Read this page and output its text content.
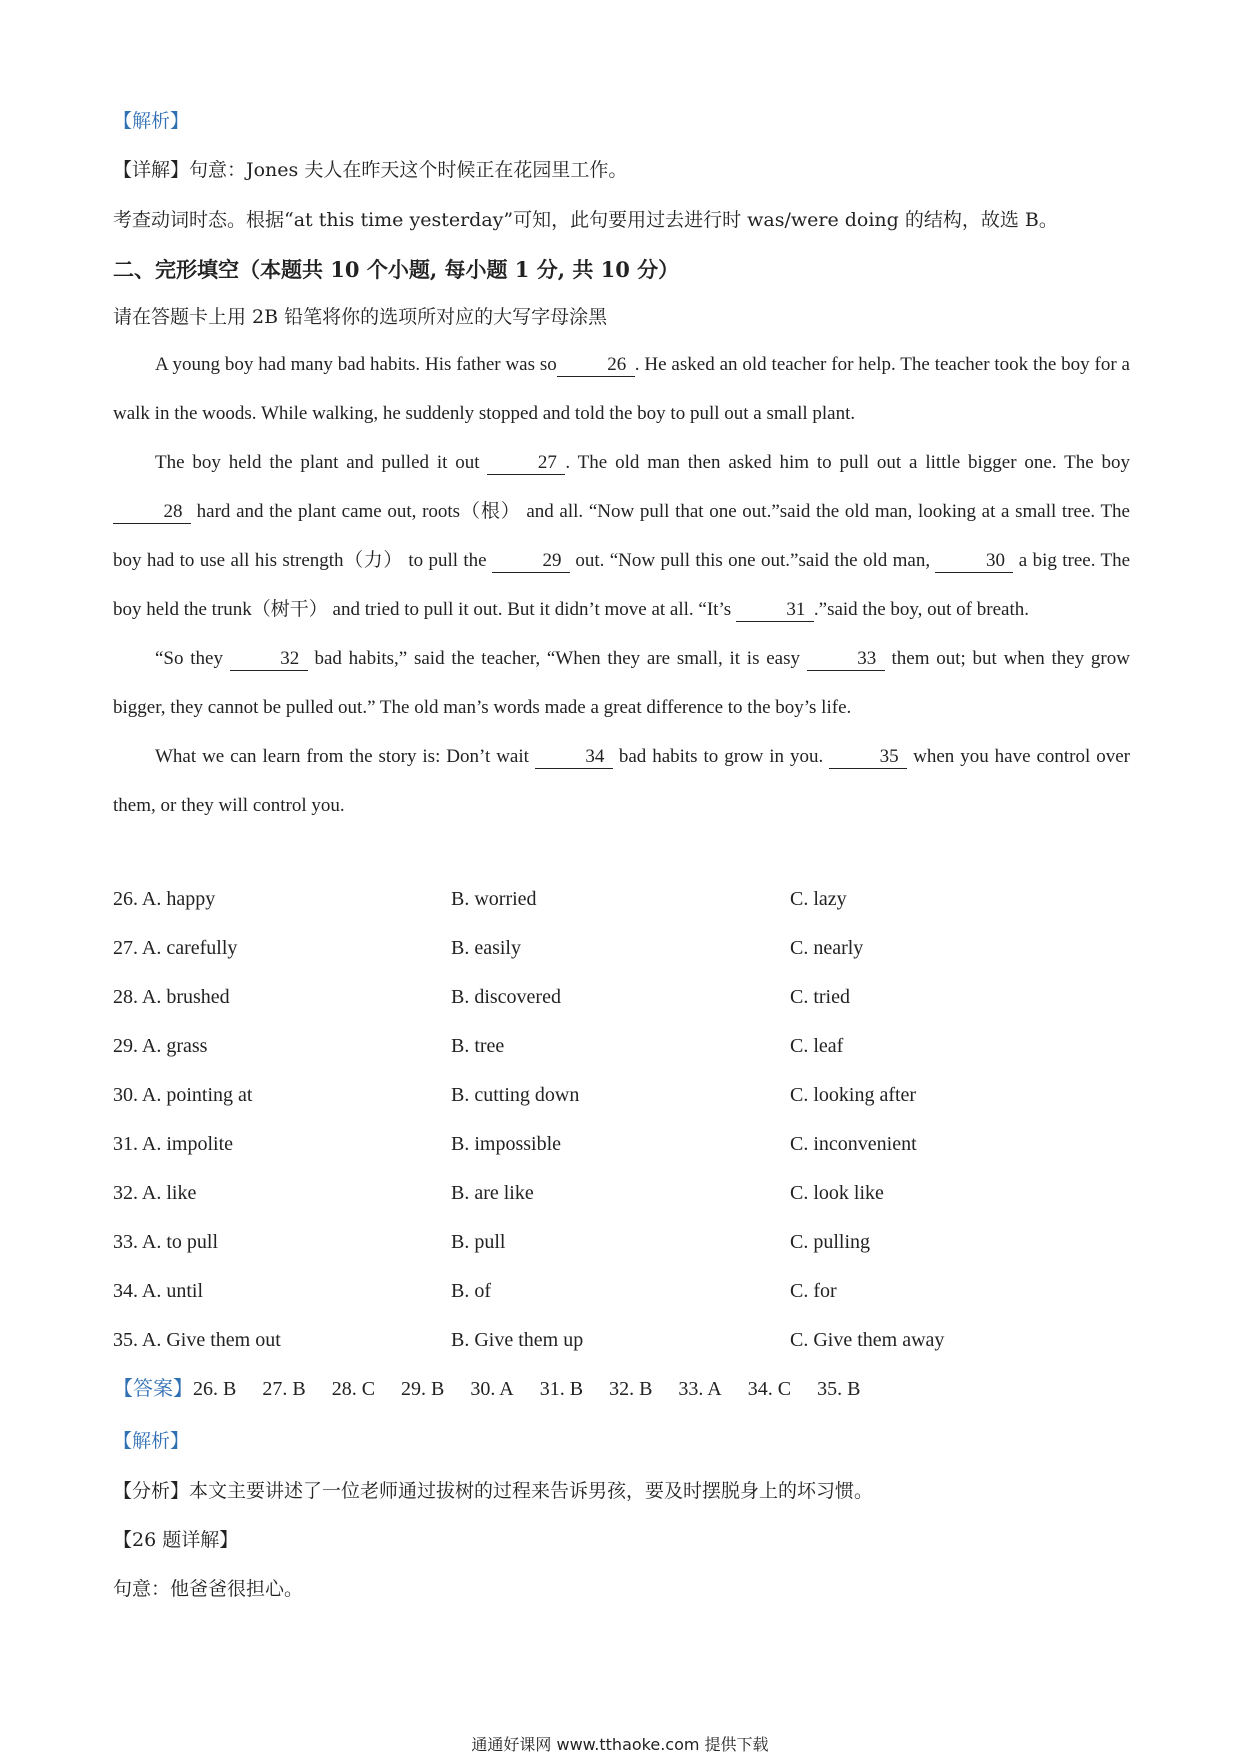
【解析】
【详解】句意：Jones 夫人在昨天这个时候正在花园里工作。
考查动词时态。根据“at this time yesterday”可知，此句要用过去进行时 was/were doing 的结构，故选 B。
二、完形填空（本题共 10 个小题, 每小题 1 分, 共 10 分）
请在答题卡上用 2B 铅笔将你的选项所对应的大写字母涂黑

A young boy had many bad habits. His father was so	26 . He asked an old teacher for help. The teacher took the boy for a walk in the woods. While walking, he suddenly stopped and told the boy to pull out a small plant.

The boy held the plant and pulled it out	27 . The old man then asked him to pull out a little bigger one. The boy 28 hard and the plant came out, roots（根） and all. “Now pull that one out.”said the old man, looking at a small tree. The boy had to use all his strength（力） to pull the	29 out. “Now pull this one out.”said the old man,	30 a big tree. The boy held the trunk（树干） and tried to pull it out. But it didn’t move at all. “It’s	31 .”said the boy, out of breath.

“So they	32 bad habits,” said the teacher, “When they are small, it is easy	33 them out; but when they grow bigger, they cannot be pulled out.” The old man’s words made a great difference to the boy’s life.

What we can learn from the story is: Don’t wait	34 bad habits to grow in you.	35 when you have control over them, or they will control you.

26. A. happy	B. worried	C. lazy
27. A. carefully	B. easily	C. nearly
28. A. brushed	B. discovered	C. tried
29. A. grass	B. tree	C. leaf
30. A. pointing at	B. cutting down	C. looking after
31. A. impolite	B. impossible	C. inconvenient
32. A. like	B. are like	C. look like
33. A. to pull	B. pull	C. pulling
34. A. until	B. of	C. for
35. A. Give them out	B. Give them up	C. Give them away
【答案】26. B 27. B 28. C 29. B 30. A 31. B 32. B 33. A 34. C 35. B
【解析】
【分析】本文主要讲述了一位老师通过拔树的过程来告诉男孩，要及时摆脱身上的坏习惯。
【26 题详解】
句意：他爸爸很担心。
通通好课网 www.tthaoke.com 提供下载
